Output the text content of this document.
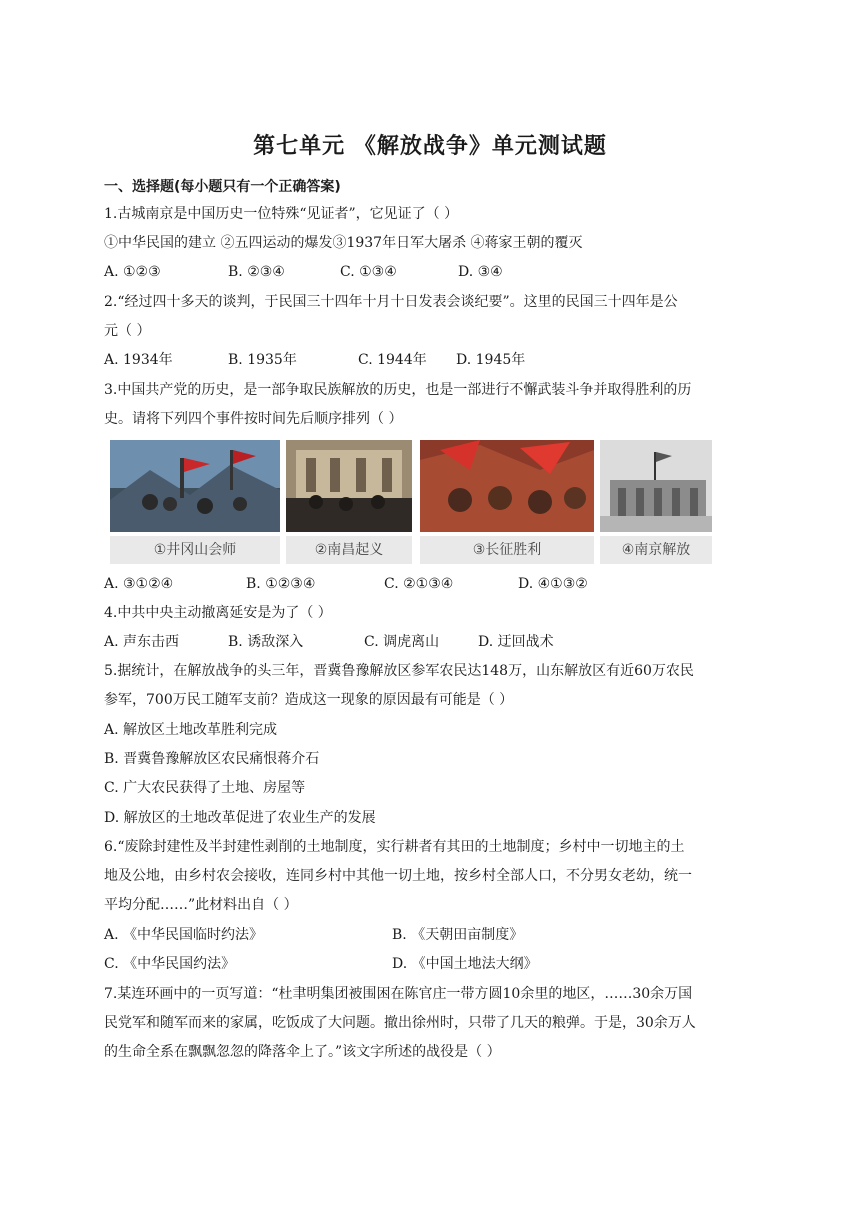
第七单元 《解放战争》单元测试题
一、选择题(每小题只有一个正确答案)
1.古城南京是中国历史一位特殊“见证者”，它见证了（ ）
①中华民国的建立 ②五四运动的爆发③1937年日军大屠杀 ④蒋家王朝的覆灭
A. ①②③	B. ②③④	C. ①③④	D. ③④
2.“经过四十多天的谈判，于民国三十四年十月十日发表会谈纪要”。这里的民国三十四年是公
元（ ）
A. 1934年	B. 1935年	C. 1944年 D. 1945年
3.中国共产党的历史，是一部争取民族解放的历史，也是一部进行不懈武装斗争并取得胜利的历
史。请将下列四个事件按时间先后顺序排列（ ）
①井冈山会师	②南昌起义	③长征胜利	④南京解放
A. ③①②④	B. ①②③④	C. ②①③④	D. ④①③②
4.中共中央主动撤离延安是为了（ ）
A. 声东击西	B. 诱敌深入	C. 调虎离山	D. 迂回战术
5.据统计，在解放战争的头三年，晋冀鲁豫解放区参军农民达148万，山东解放区有近60万农民
参军，700万民工随军支前？造成这一现象的原因最有可能是（ ）
A. 解放区土地改革胜利完成
B. 晋冀鲁豫解放区农民痛恨蒋介石
C. 广大农民获得了土地、房屋等
D. 解放区的土地改革促进了农业生产的发展
6.“废除封建性及半封建性剥削的土地制度，实行耕者有其田的土地制度；乡村中一切地主的土
地及公地，由乡村农会接收，连同乡村中其他一切土地，按乡村全部人口，不分男女老幼，统一
平均分配……”此材料出自（ ）
A. 《中华民国临时约法》	B. 《天朝田亩制度》
C. 《中华民国约法》	D. 《中国土地法大纲》
7.某连环画中的一页写道：“杜聿明集团被围困在陈官庄一带方圆10余里的地区，……30余万国
民党军和随军而来的家属，吃饭成了大问题。撤出徐州时，只带了几天的粮弹。于是，30余万人
的生命全系在飘飘忽忽的降落伞上了。”该文字所述的战役是（ ）
